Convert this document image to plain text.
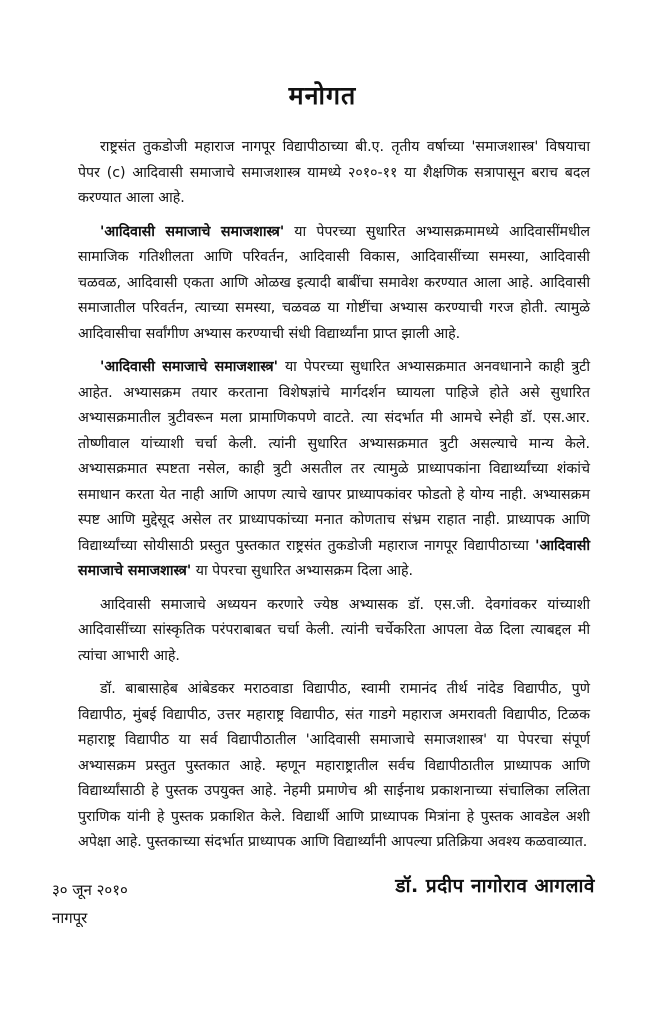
मनोगत

राष्ट्रसंत तुकडोजी महाराज नागपूर विद्यापीठाच्या बी.ए. तृतीय वर्षाच्या 'समाजशास्त्र' विषयाचा पेपर (c) आदिवासी समाजाचे समाजशास्त्र यामध्ये २०१०-११ या शैक्षणिक सत्रापासून बराच बदल करण्यात आला आहे.

'आदिवासी समाजाचे समाजशास्त्र' या पेपरच्या सुधारित अभ्यासक्रमामध्ये आदिवासींमधील सामाजिक गतिशीलता आणि परिवर्तन, आदिवासी विकास, आदिवासींच्या समस्या, आदिवासी चळवळ, आदिवासी एकता आणि ओळख इत्यादी बाबींचा समावेश करण्यात आला आहे. आदिवासी समाजातील परिवर्तन, त्याच्या समस्या, चळवळ या गोष्टींचा अभ्यास करण्याची गरज होती. त्यामुळे आदिवासीचा सर्वांगीण अभ्यास करण्याची संधी विद्यार्थ्यांना प्राप्त झाली आहे.

'आदिवासी समाजाचे समाजशास्त्र' या पेपरच्या सुधारित अभ्यासक्रमात अनवधानाने काही त्रुटी आहेत. अभ्यासक्रम तयार करताना विशेषज्ञांचे मार्गदर्शन घ्यायला पाहिजे होते असे सुधारित अभ्यासक्रमातील त्रुटीवरून मला प्रामाणिकपणे वाटते. त्या संदर्भात मी आमचे स्नेही डॉ. एस.आर. तोष्णीवाल यांच्याशी चर्चा केली. त्यांनी सुधारित अभ्यासक्रमात त्रुटी असल्याचे मान्य केले. अभ्यासक्रमात स्पष्टता नसेल, काही त्रुटी असतील तर त्यामुळे प्राध्यापकांना विद्यार्थ्यांच्या शंकांचे समाधान करता येत नाही आणि आपण त्याचे खापर प्राध्यापकांवर फोडतो हे योग्य नाही. अभ्यासक्रम स्पष्ट आणि मुद्देसूद असेल तर प्राध्यापकांच्या मनात कोणताच संभ्रम राहात नाही. प्राध्यापक आणि विद्यार्थ्यांच्या सोयीसाठी प्रस्तुत पुस्तकात राष्ट्रसंत तुकडोजी महाराज नागपूर विद्यापीठाच्या 'आदिवासी समाजाचे समाजशास्त्र' या पेपरचा सुधारित अभ्यासक्रम दिला आहे.

आदिवासी समाजाचे अध्ययन करणारे ज्येष्ठ अभ्यासक डॉ. एस.जी. देवगांवकर यांच्याशी आदिवासींच्या सांस्कृतिक परंपराबाबत चर्चा केली. त्यांनी चर्चेकरिता आपला वेळ दिला त्याबद्दल मी त्यांचा आभारी आहे.

डॉ. बाबासाहेब आंबेडकर मराठवाडा विद्यापीठ, स्वामी रामानंद तीर्थ नांदेड विद्यापीठ, पुणे विद्यापीठ, मुंबई विद्यापीठ, उत्तर महाराष्ट्र विद्यापीठ, संत गाडगे महाराज अमरावती विद्यापीठ, टिळक महाराष्ट्र विद्यापीठ या सर्व विद्यापीठातील 'आदिवासी समाजाचे समाजशास्त्र' या पेपरचा संपूर्ण अभ्यासक्रम प्रस्तुत पुस्तकात आहे. म्हणून महाराष्ट्रातील सर्वच विद्यापीठातील प्राध्यापक आणि विद्यार्थ्यांसाठी हे पुस्तक उपयुक्त आहे. नेहमी प्रमाणेच श्री साईनाथ प्रकाशनाच्या संचालिका ललिता पुराणिक यांनी हे पुस्तक प्रकाशित केले. विद्यार्थी आणि प्राध्यापक मित्रांना हे पुस्तक आवडेल अशी अपेक्षा आहे. पुस्तकाच्या संदर्भात प्राध्यापक आणि विद्यार्थ्यांनी आपल्या प्रतिक्रिया अवश्य कळवाव्यात.

३० जून २०१०
नागपूर
डॉ. प्रदीप नागोराव आगलावे
